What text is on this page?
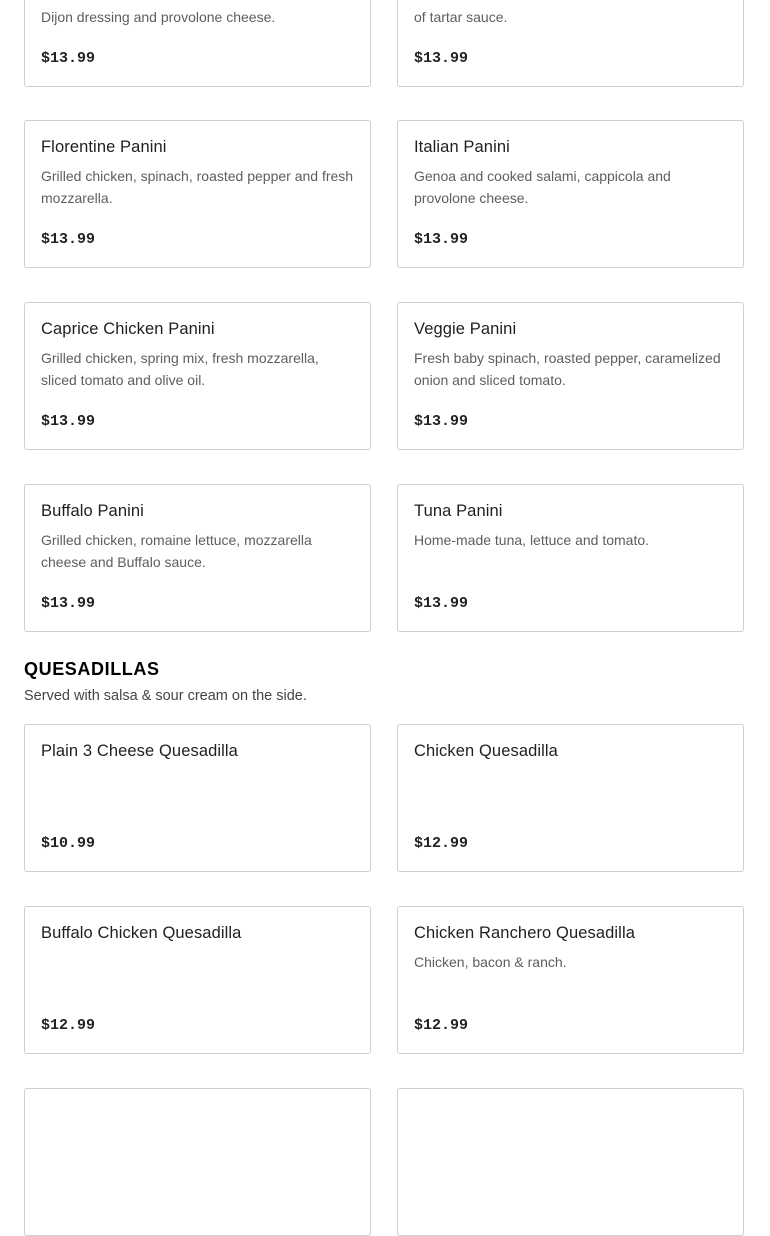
Dijon dressing and provolone cheese.
$13.99
of tartar sauce.
$13.99
Florentine Panini
Grilled chicken, spinach, roasted pepper and fresh mozzarella.
$13.99
Italian Panini
Genoa and cooked salami, cappicola and provolone cheese.
$13.99
Caprice Chicken Panini
Grilled chicken, spring mix, fresh mozzarella, sliced tomato and olive oil.
$13.99
Veggie Panini
Fresh baby spinach, roasted pepper, caramelized onion and sliced tomato.
$13.99
Buffalo Panini
Grilled chicken, romaine lettuce, mozzarella cheese and Buffalo sauce.
$13.99
Tuna Panini
Home-made tuna, lettuce and tomato.
$13.99
QUESADILLAS
Served with salsa & sour cream on the side.
Plain 3 Cheese Quesadilla
$10.99
Chicken Quesadilla
$12.99
Buffalo Chicken Quesadilla
$12.99
Chicken Ranchero Quesadilla
Chicken, bacon & ranch.
$12.99
